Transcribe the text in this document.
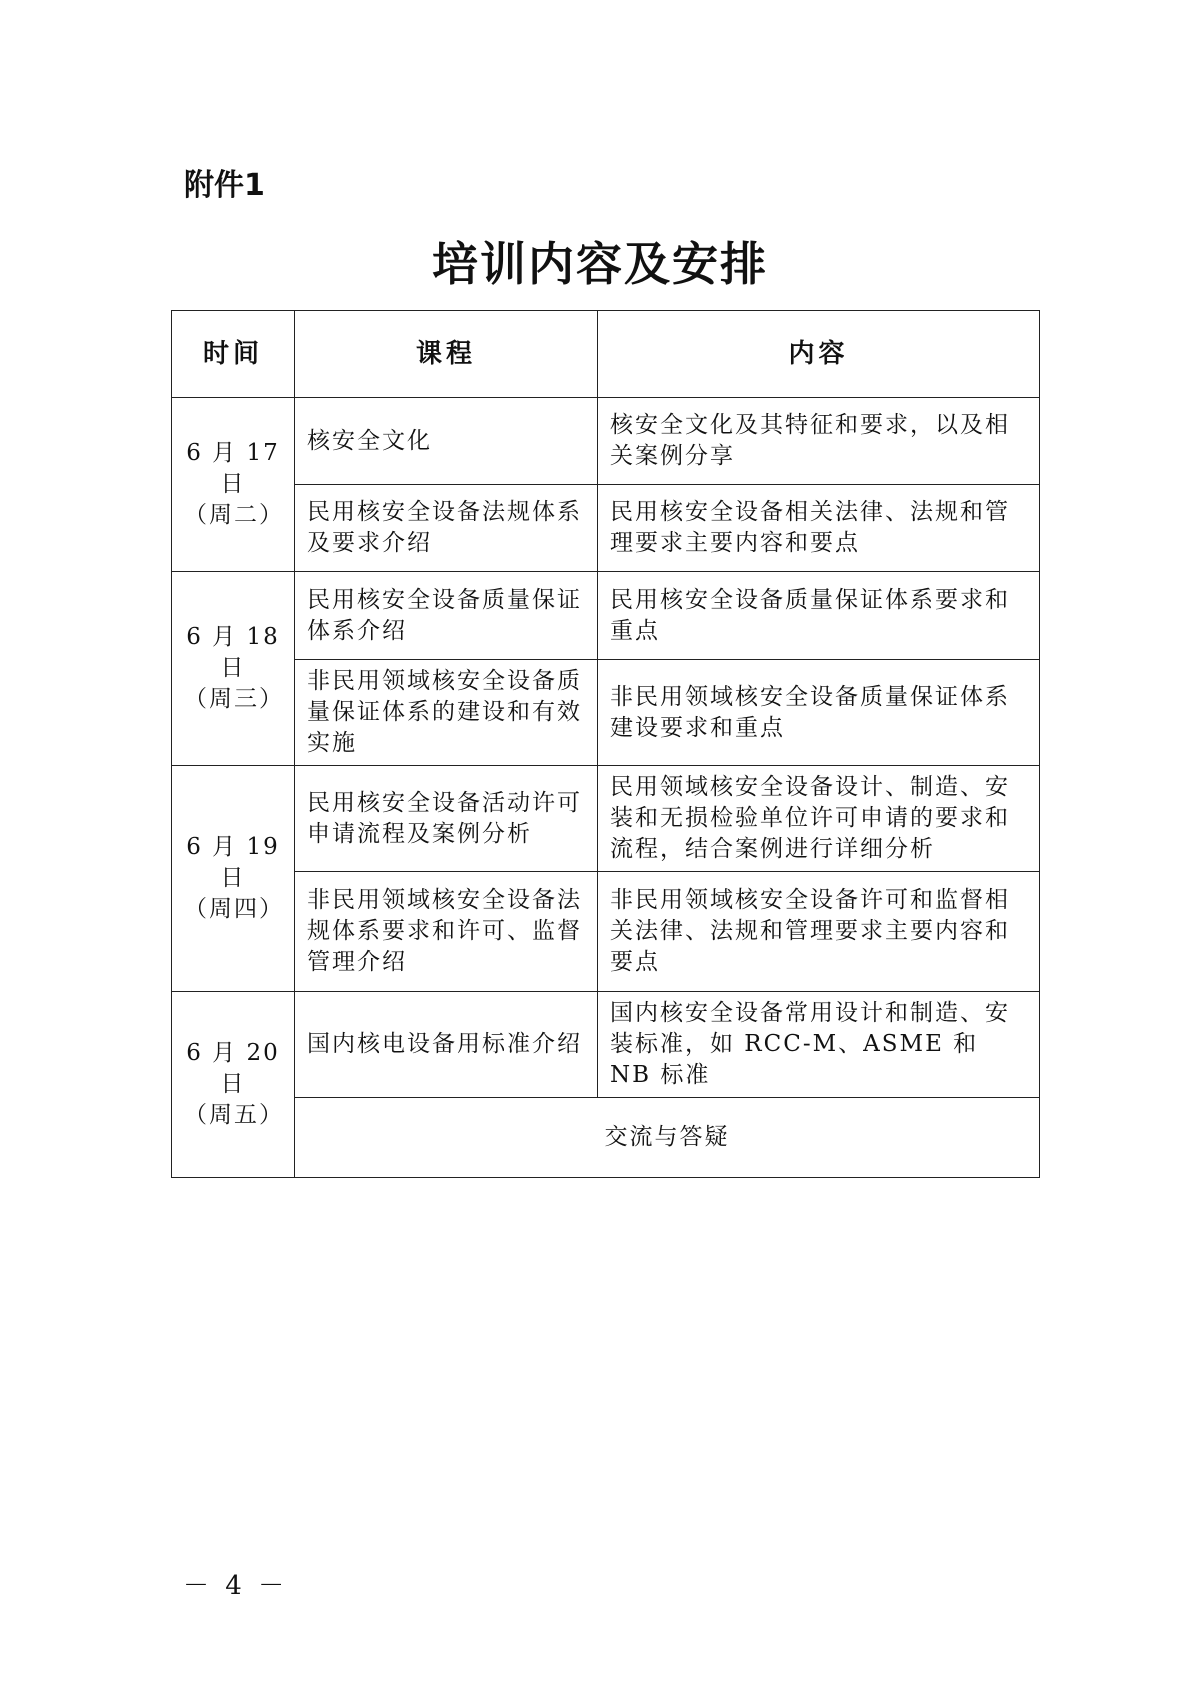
附件1
培训内容及安排
时间	课程	内容

6 月 17 日
（周二）	核安全文化	核安全文化及其特征和要求，以及相关案例分享
	民用核安全设备法规体系及要求介绍	民用核安全设备相关法律、法规和管理要求主要内容和要点

6 月 18 日
（周三）	民用核安全设备质量保证体系介绍	民用核安全设备质量保证体系要求和重点
	非民用领域核安全设备质量保证体系的建设和有效实施	非民用领域核安全设备质量保证体系建设要求和重点

6 月 19 日
（周四）	民用核安全设备活动许可申请流程及案例分析	民用领域核安全设备设计、制造、安装和无损检验单位许可申请的要求和流程，结合案例进行详细分析
	非民用领域核安全设备法规体系要求和许可、监督管理介绍	非民用领域核安全设备许可和监督相关法律、法规和管理要求主要内容和要点

6 月 20 日
（周五）	国内核电设备用标准介绍	国内核安全设备常用设计和制造、安装标准，如 RCC-M、ASME 和 NB 标准
	交流与答疑	
－ 4 －
